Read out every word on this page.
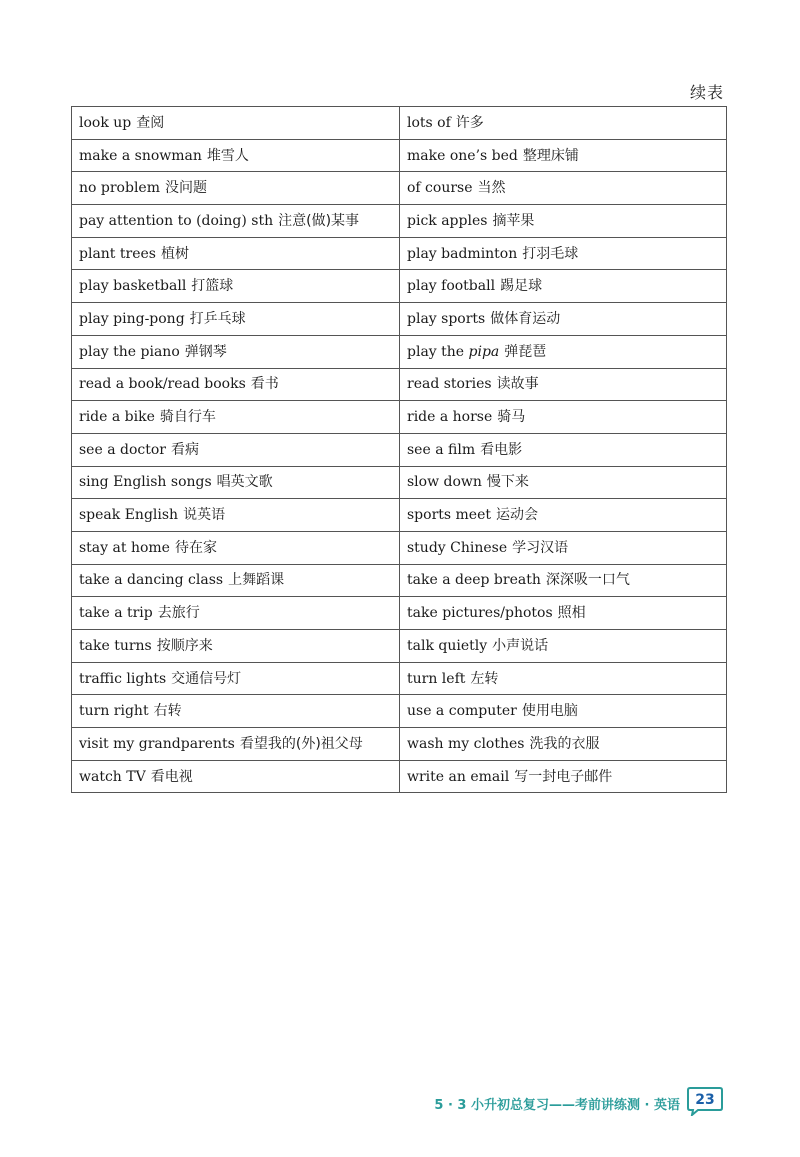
续表
look up 查阅	lots of 许多
make a snowman 堆雪人	make one’s bed 整理床铺
no problem 没问题	of course 当然
pay attention to (doing) sth 注意(做)某事	pick apples 摘苹果
plant trees 植树	play badminton 打羽毛球
play basketball 打篮球	play football 踢足球
play ping-pong 打乒乓球	play sports 做体育运动
play the piano 弹钢琴	play the pipa 弹琵琶
read a book/read books 看书	read stories 读故事
ride a bike 骑自行车	ride a horse 骑马
see a doctor 看病	see a film 看电影
sing English songs 唱英文歌	slow down 慢下来
speak English 说英语	sports meet 运动会
stay at home 待在家	study Chinese 学习汉语
take a dancing class 上舞蹈课	take a deep breath 深深吸一口气
take a trip 去旅行	take pictures/photos 照相
take turns 按顺序来	talk quietly 小声说话
traffic lights 交通信号灯	turn left 左转
turn right 右转	use a computer 使用电脑
visit my grandparents 看望我的(外)祖父母	wash my clothes 洗我的衣服
watch TV 看电视	write an email 写一封电子邮件
5 · 3 小升初总复习——考前讲练测 · 英语	23
